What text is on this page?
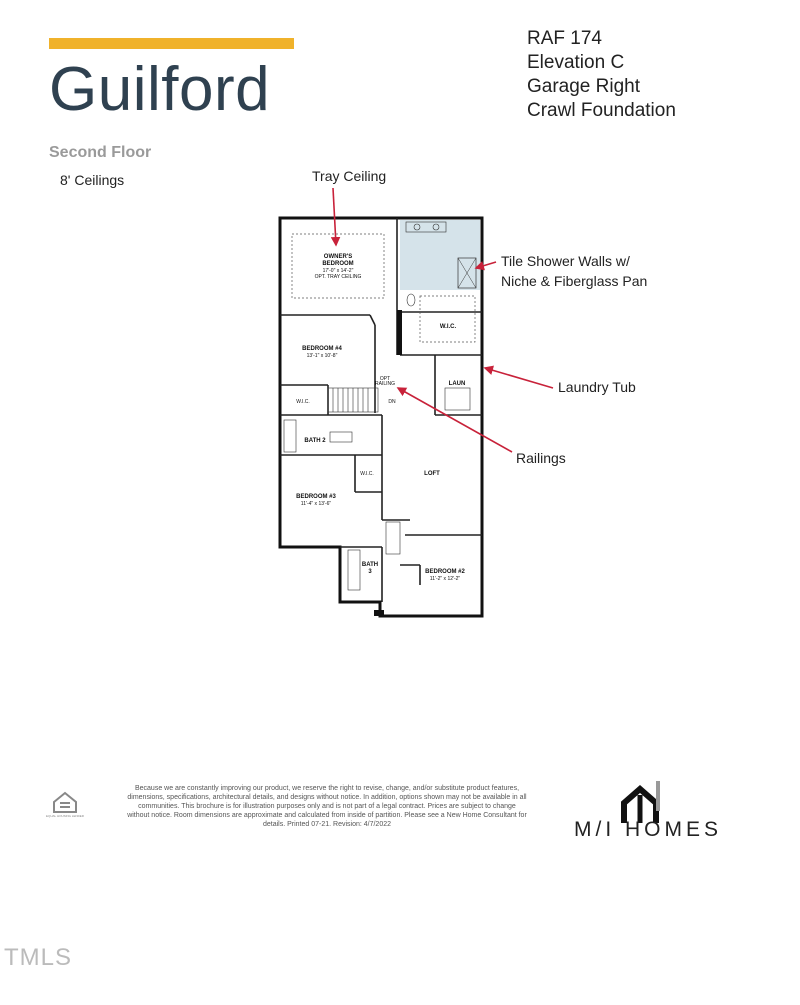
Guilford
Second Floor
8' Ceilings
RAF 174
Elevation C
Garage Right
Crawl Foundation
Tray Ceiling
Tile Shower Walls w/
Niche & Fiberglass Pan
Laundry Tub
Railings
OWNER'S
BEDROOM
17'-0" x 14'-2"
OPT. TRAY CEILING
W.I.C.
BEDROOM #4
13'-1" x 10'-8"
W.I.C.
LAUN
OPT
RAILING
DN
BATH 2
LOFT
W.I.C.
BEDROOM #3
11'-4" x 13'-6"
BATH
3	BEDROOM #2
11'-2" x 12'-2"
EQUAL HOUSING LENDER
Because we are constantly improving our product, we reserve the right to revise, change, and/or substitute product features, dimensions, specifications, architectural details, and designs without notice. In addition, options shown may not be available in all communities. This brochure is for illustration purposes only and is not part of a legal contract. Prices are subject to change without notice. Room dimensions are approximate and calculated from inside of partition. Please see a New Home Consultant for details. Printed 07-21. Revision: 4/7/2022	M/I HOMES
TMLS
